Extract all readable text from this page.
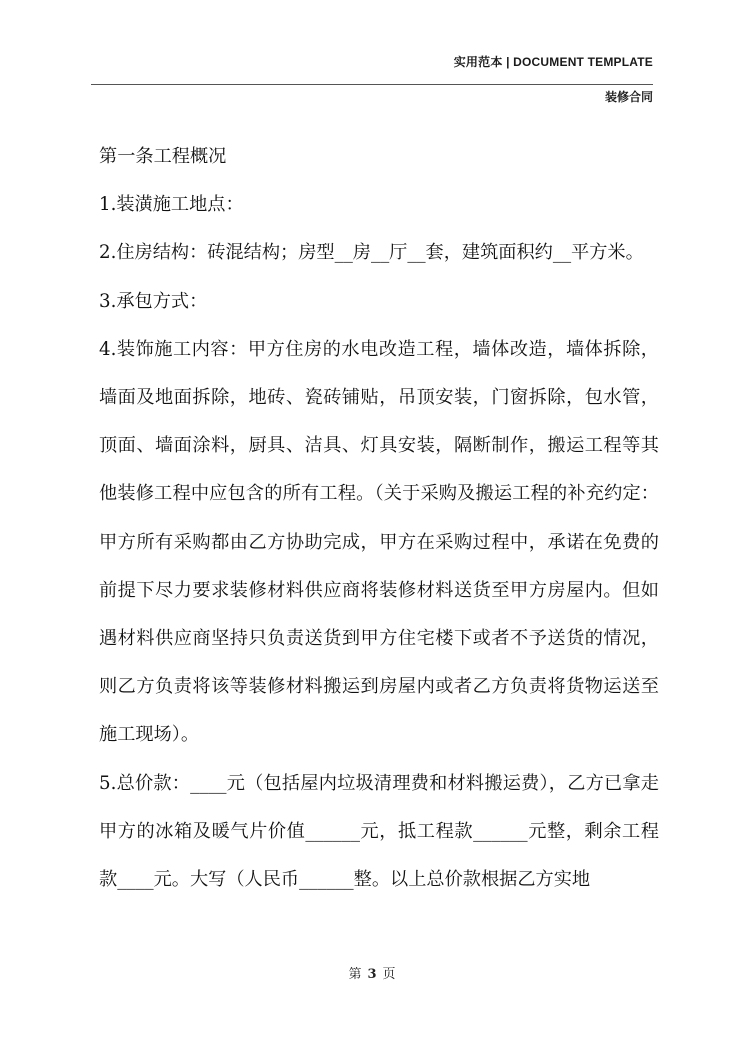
实用范本 | DOCUMENT TEMPLATE
装修合同

第一条工程概况

1.装潢施工地点：

2.住房结构：砖混结构；房型__房__厅__套，建筑面积约__平方米。

3.承包方式：

4.装饰施工内容：甲方住房的水电改造工程，墙体改造，墙体拆除，墙面及地面拆除，地砖、瓷砖铺贴，吊顶安装，门窗拆除，包水管，顶面、墙面涂料，厨具、洁具、灯具安装，隔断制作，搬运工程等其他装修工程中应包含的所有工程。（关于采购及搬运工程的补充约定：甲方所有采购都由乙方协助完成，甲方在采购过程中，承诺在免费的前提下尽力要求装修材料供应商将装修材料送货至甲方房屋内。但如遇材料供应商坚持只负责送货到甲方住宅楼下或者不予送货的情况，则乙方负责将该等装修材料搬运到房屋内或者乙方负责将货物运送至施工现场）。

5.总价款：____元（包括屋内垃圾清理费和材料搬运费），乙方已拿走甲方的冰箱及暖气片价值______元，抵工程款______元整，剩余工程款____元。大写（人民币______整。以上总价款根据乙方实地

第 3 页
